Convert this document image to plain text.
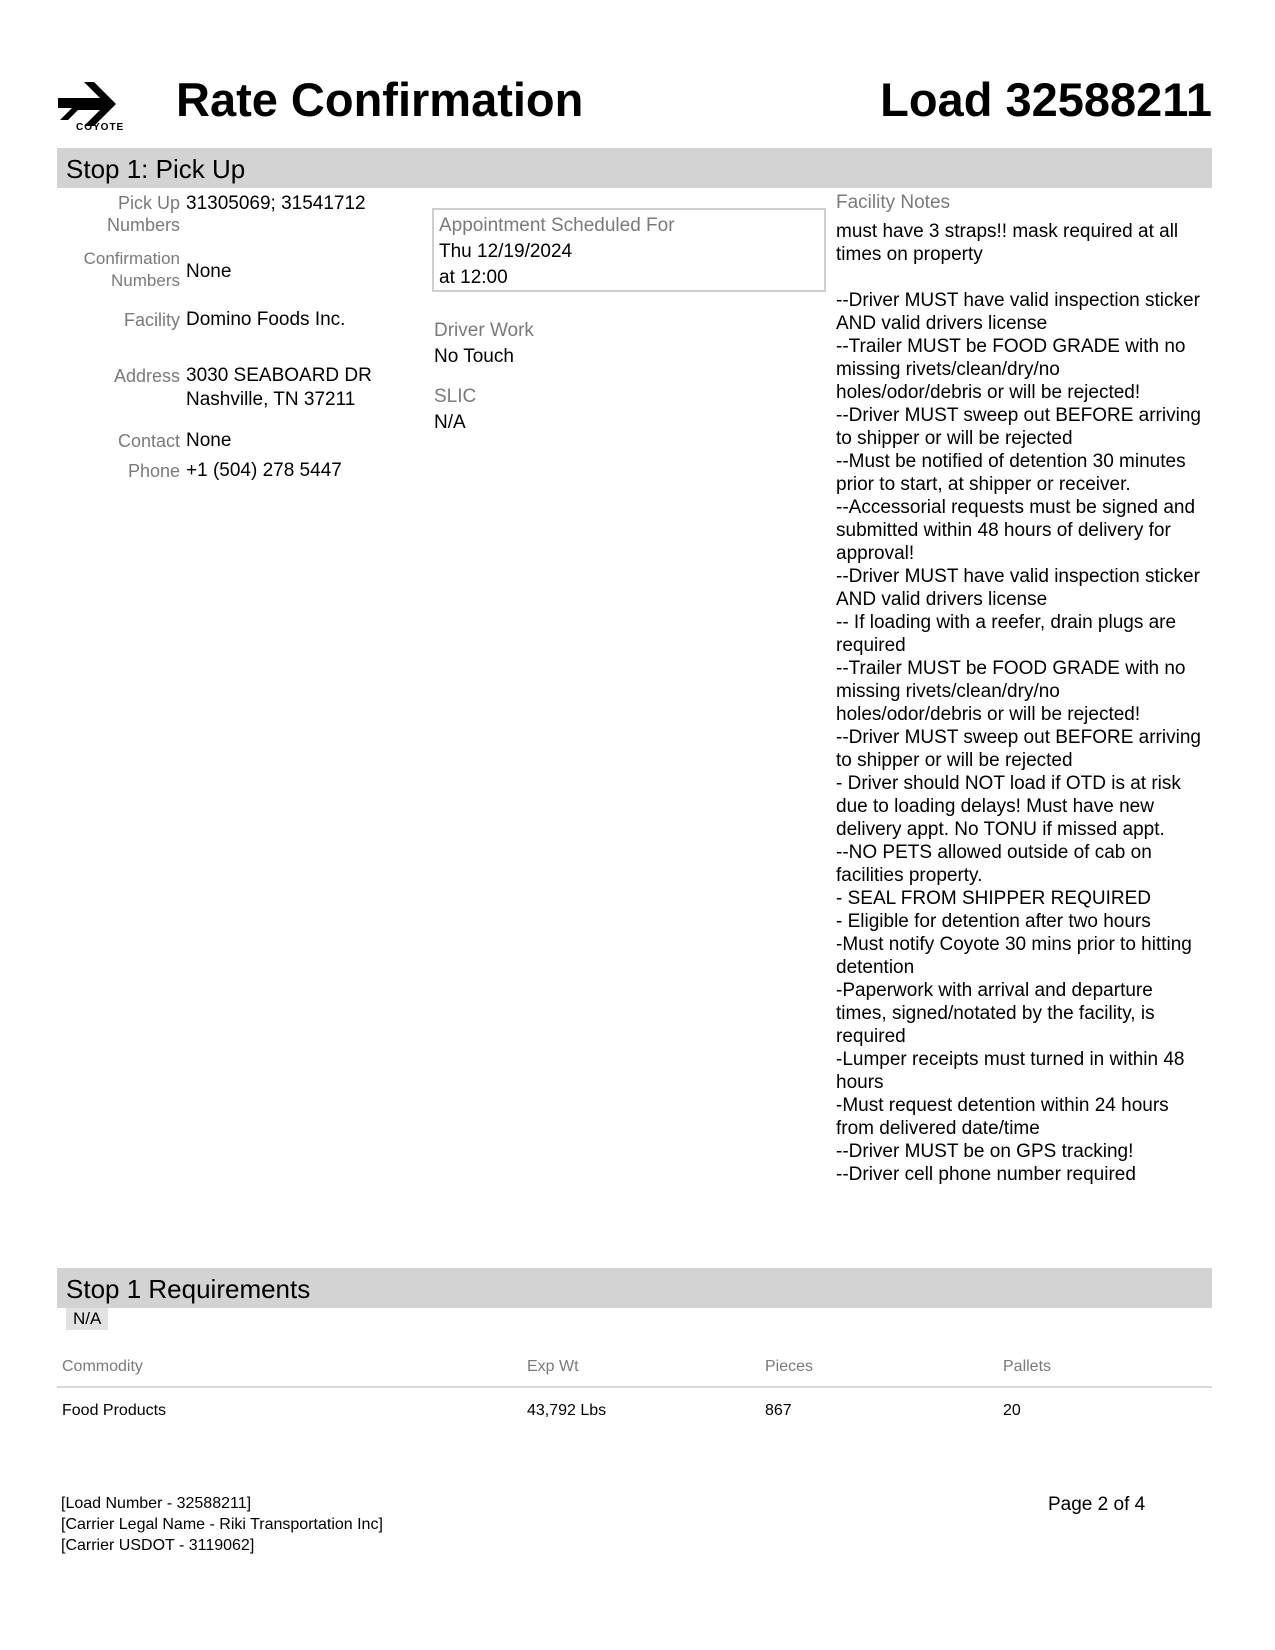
COYOTE
Rate Confirmation	Load 32588211
Stop 1: Pick Up
Pick Up
Numbers
31305069; 31541712
Confirmation
Numbers None
Facility Domino Foods Inc.
Address 3030 SEABOARD DR
Nashville, TN 37211
Contact None
Phone +1 (504) 278 5447
Appointment Scheduled For
Thu 12/19/2024
at 12:00
Driver Work
No Touch
SLIC
N/A
Facility Notes
must have 3 straps!! mask required at all times on property

--Driver MUST have valid inspection sticker AND valid drivers license
--Trailer MUST be FOOD GRADE with no missing rivets/clean/dry/no holes/odor/debris or will be rejected!
--Driver MUST sweep out BEFORE arriving to shipper or will be rejected
--Must be notified of detention 30 minutes prior to start, at shipper or receiver.
--Accessorial requests must be signed and submitted within 48 hours of delivery for approval!
--Driver MUST have valid inspection sticker AND valid drivers license
-- If loading with a reefer, drain plugs are required
--Trailer MUST be FOOD GRADE with no missing rivets/clean/dry/no holes/odor/debris or will be rejected!
--Driver MUST sweep out BEFORE arriving to shipper or will be rejected
- Driver should NOT load if OTD is at risk due to loading delays! Must have new delivery appt. No TONU if missed appt.
--NO PETS allowed outside of cab on facilities property.
- SEAL FROM SHIPPER REQUIRED
- Eligible for detention after two hours
-Must notify Coyote 30 mins prior to hitting detention
-Paperwork with arrival and departure times, signed/notated by the facility, is required
-Lumper receipts must turned in within 48 hours
-Must request detention within 24 hours from delivered date/time
--Driver MUST be on GPS tracking!
--Driver cell phone number required
Stop 1 Requirements
N/A
Commodity	Exp Wt	Pieces	Pallets
Food Products	43,792 Lbs	867	20
[Load Number - 32588211]
[Carrier Legal Name - Riki Transportation Inc]
[Carrier USDOT - 3119062]
Page 2 of 4
